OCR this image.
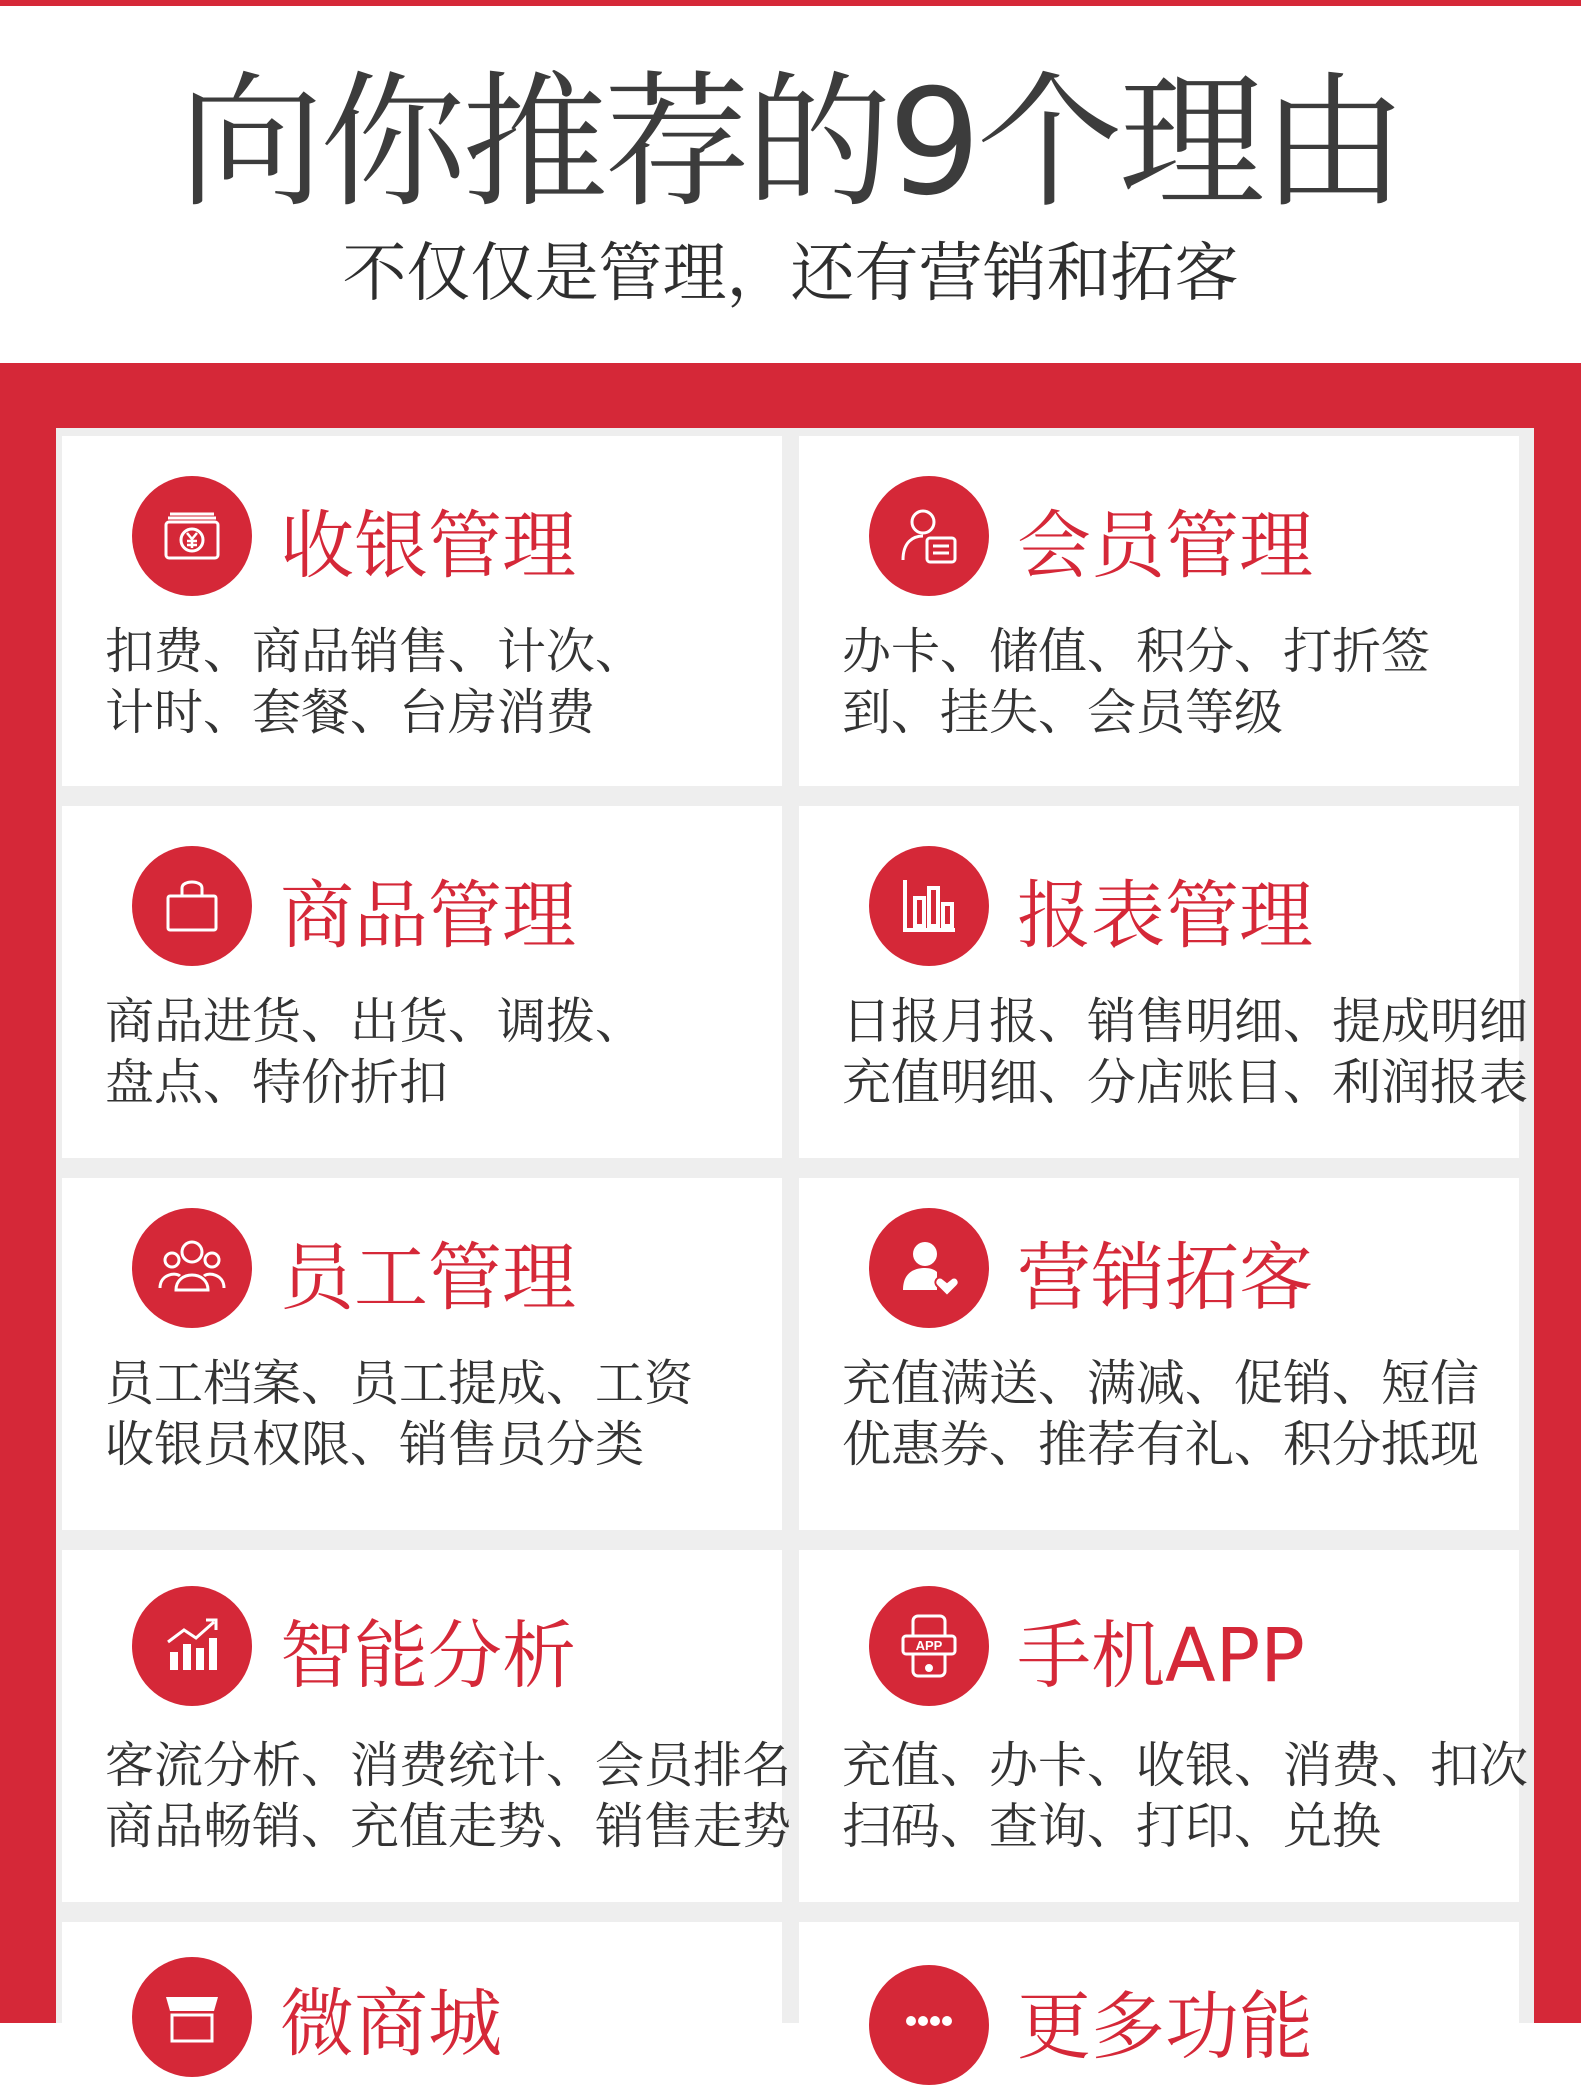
向你推荐的9个理由
不仅仅是管理，还有营销和拓客
收银管理
扣费、商品销售、计次、
计时、套餐、台房消费
会员管理
办卡、储值、积分、打折签
到、挂失、会员等级
商品管理
商品进货、出货、调拨、
盘点、特价折扣
报表管理
日报月报、销售明细、提成明细
充值明细、分店账目、利润报表
员工管理
员工档案、员工提成、工资
收银员权限、销售员分类
营销拓客
充值满送、满减、促销、短信
优惠券、推荐有礼、积分抵现
智能分析
客流分析、消费统计、会员排名
商品畅销、充值走势、销售走势
APP 手机APP
充值、办卡、收银、消费、扣次
扫码、查询、打印、兑换
微商城	更多功能
